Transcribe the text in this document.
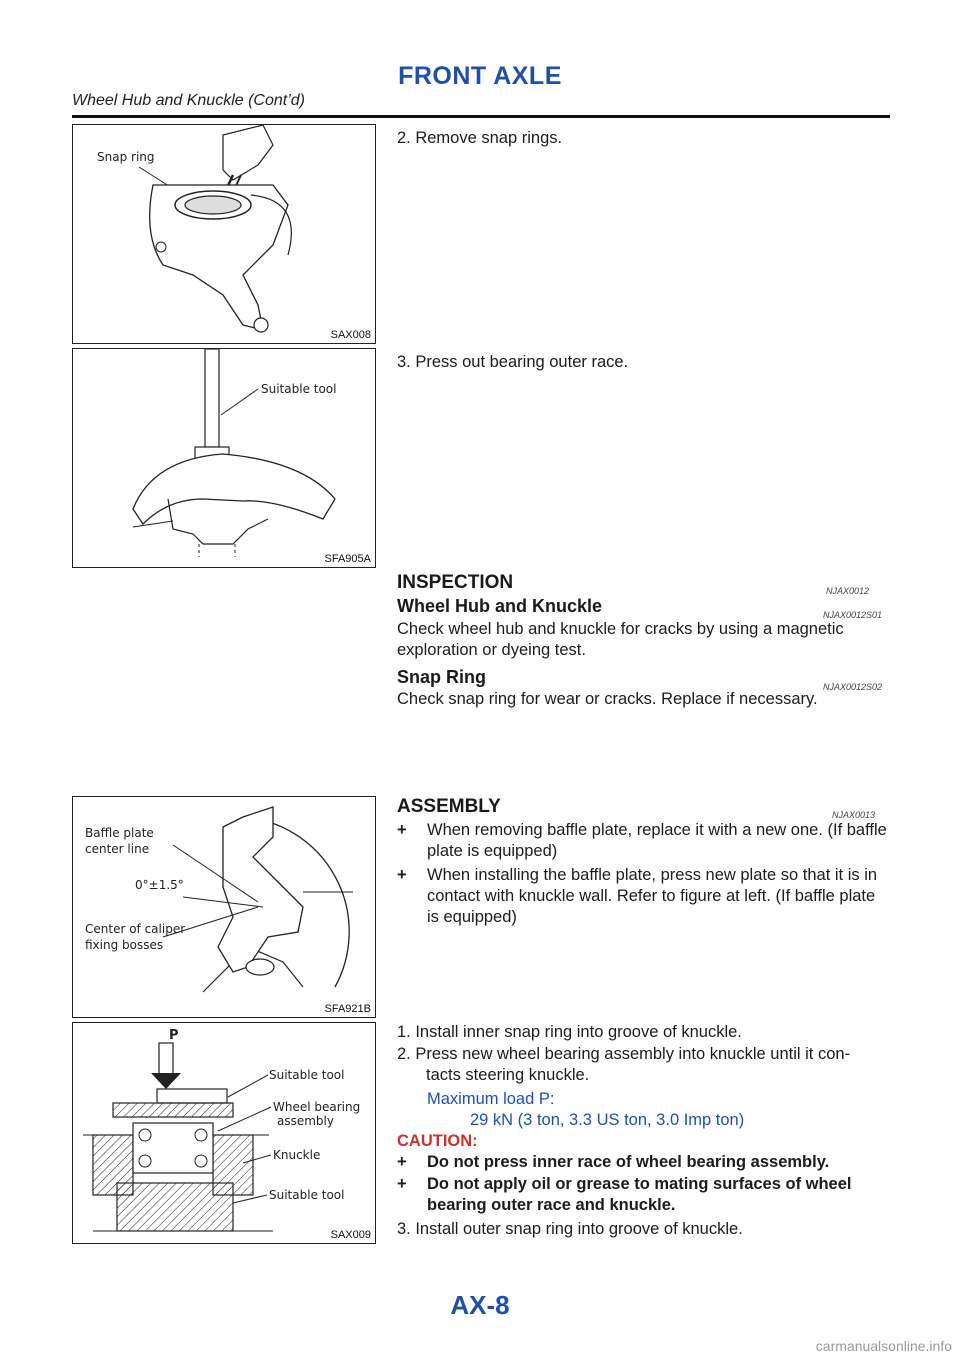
FRONT AXLE
Wheel Hub and Knuckle (Cont’d)
Snap ring
SAX008
Suitable tool
SFA905A
2. Remove snap rings.
3. Press out bearing outer race.
INSPECTION	NJAX0012
Wheel Hub and Knuckle	NJAX0012S01
Check wheel hub and knuckle for cracks by using a magnetic
exploration or dyeing test.
Snap Ring	NJAX0012S02
Check snap ring for wear or cracks. Replace if necessary.
Baffle plate
center line
0°±1.5°
Center of caliper
fixing bosses
SFA921B
ASSEMBLY	NJAX0013
+ When removing baffle plate, replace it with a new one. (If baffle
plate is equipped)
+ When installing the baffle plate, press new plate so that it is in
contact with knuckle wall. Refer to figure at left. (If baffle plate
is equipped)
P
Suitable tool
Wheel bearing
assembly
Knuckle
Suitable tool
SAX009
1. Install inner snap ring into groove of knuckle.
2. Press new wheel bearing assembly into knuckle until it con-
tacts steering knuckle.
Maximum load P:
29 kN (3 ton, 3.3 US ton, 3.0 Imp ton)
CAUTION:
+ Do not press inner race of wheel bearing assembly.
+ Do not apply oil or grease to mating surfaces of wheel
bearing outer race and knuckle.
3. Install outer snap ring into groove of knuckle.
AX-8
carmanualsonline.info
